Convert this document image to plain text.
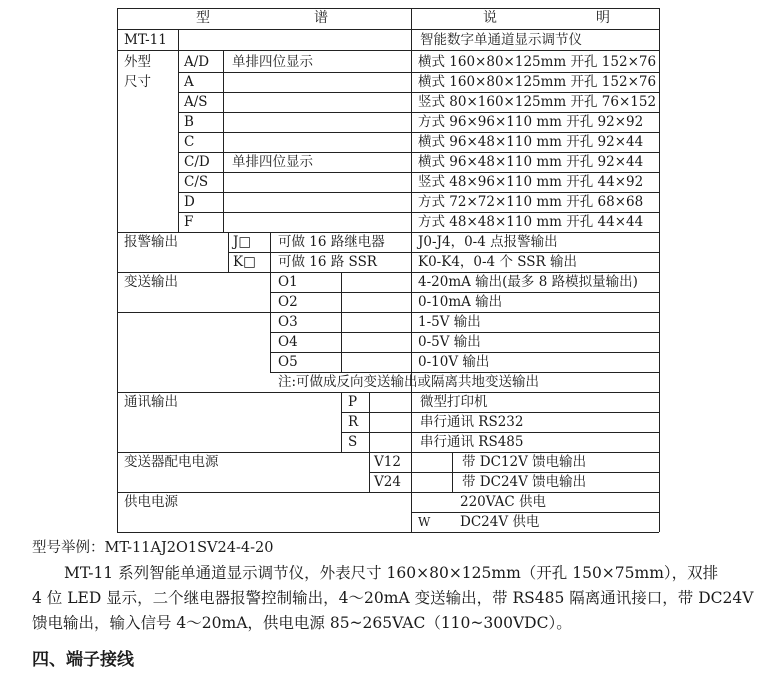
型	谱	说	明
MT-11	智能数字单通道显示调节仪
外型
尺寸
A/D 单排四位显示	横式 160×80×125mm 开孔 152×76
A	横式 160×80×125mm 开孔 152×76
A/S	竖式 80×160×125mm 开孔 76×152
B	方式 96×96×110 mm 开孔 92×92
C	横式 96×48×110 mm 开孔 92×44
C/D 单排四位显示	横式 96×48×110 mm 开孔 92×44
C/S	竖式 48×96×110 mm 开孔 44×92
D	方式 72×72×110 mm 开孔 68×68
F	方式 48×48×110 mm 开孔 44×44
报警输出	J□ 可做 16 路继电器 J0-J4，0-4 点报警输出
K□ 可做 16 路 SSR	K0-K4，0-4 个 SSR 输出
变送输出	O1	4-20mA 输出(最多 8 路模拟量输出)
O2	0-10mA 输出
O3	1-5V 输出
O4	0-5V 输出
O5	0-10V 输出
注:可做成反向变送输出或隔离共地变送输出
通讯输出	P	微型打印机
R	串行通讯 RS232
S	串行通讯 RS485
变送器配电电源	V12	带 DC12V 馈电输出
V24	带 DC24V 馈电输出
供电电源	220VAC 供电
W DC24V 供电
型号举例：MT-11AJ2O1SV24-4-20
MT-11 系列智能单通道显示调节仪，外表尺寸 160×80×125mm（开孔 150×75mm），双排
4 位 LED 显示，二个继电器报警控制输出，4～20mA 变送输出，带 RS485 隔离通讯接口，带 DC24V
馈电输出，输入信号 4～20mA，供电电源 85~265VAC（110~300VDC）。
四、端子接线
